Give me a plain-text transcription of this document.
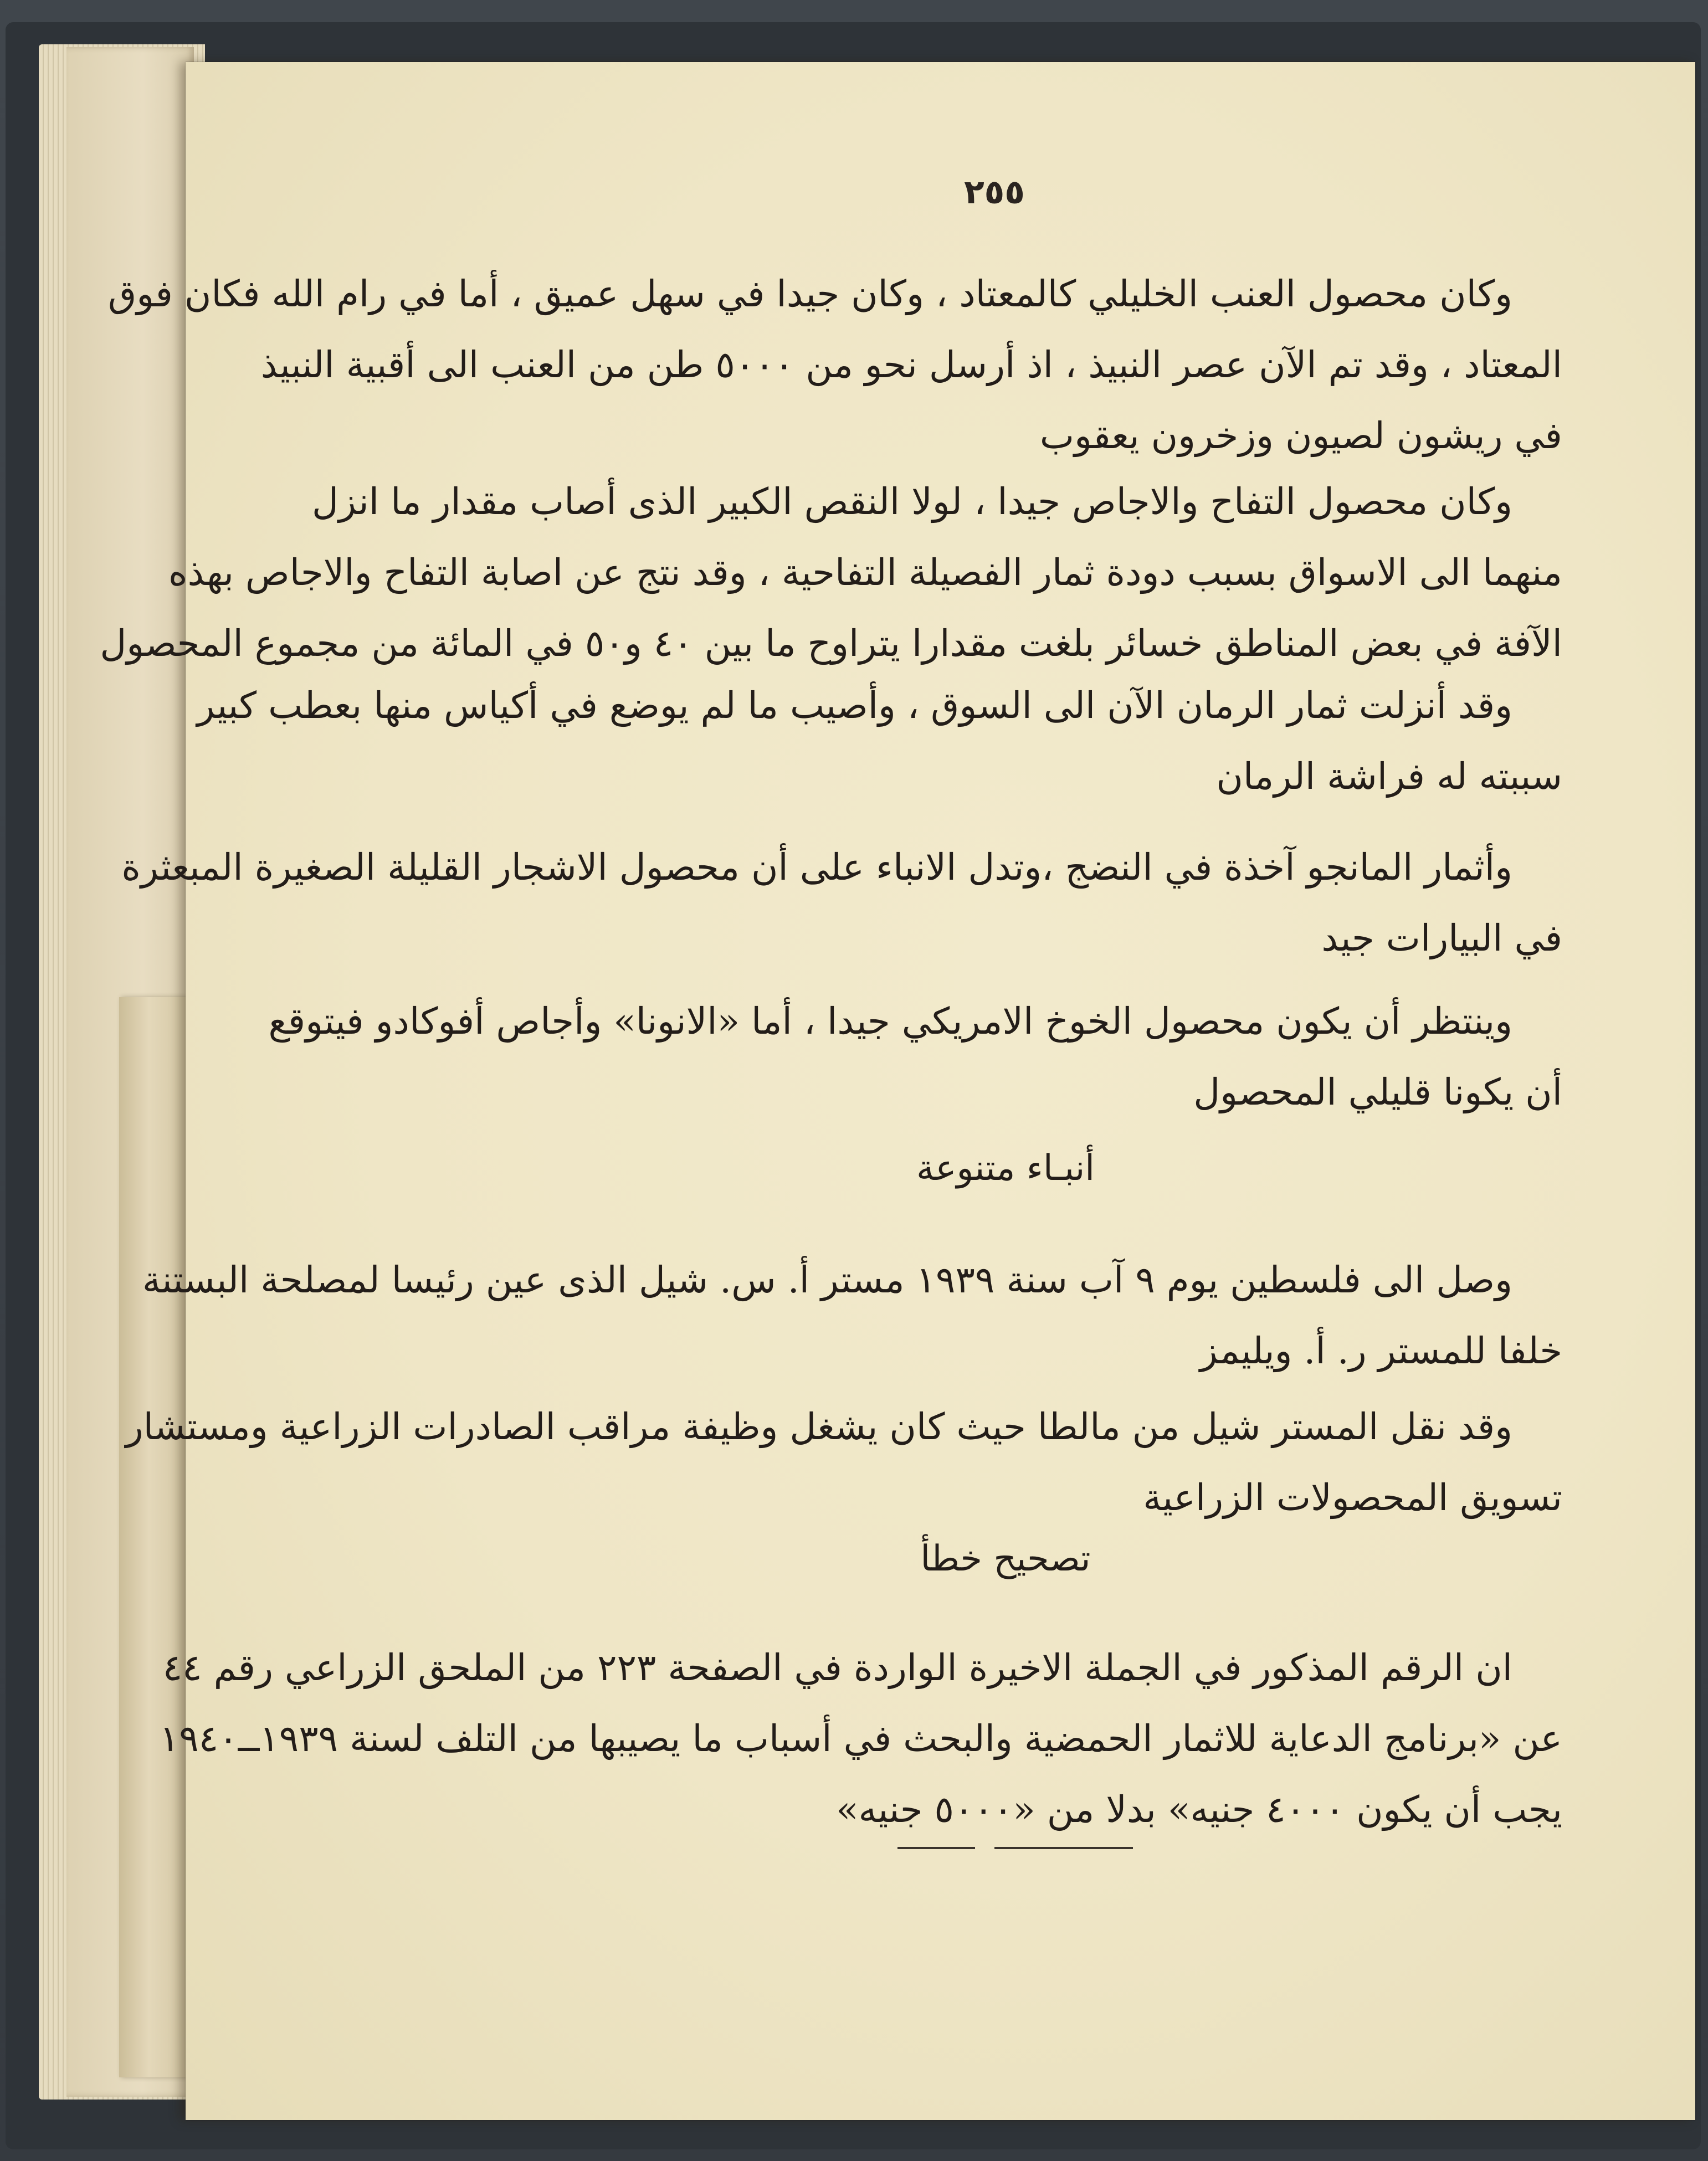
٢٥٥
وكان محصول العنب الخليلي كالمعتاد ، وكان جيدا في سهل عميق ، أما في رام الله فكان فوق
المعتاد ، وقد تم الآن عصر النبيذ ، اذ أرسل نحو من ٥٠٠٠ طن من العنب الى أقبية النبيذ
في ريشون لصيون وزخرون يعقوب
وكان محصول التفاح والاجاص جيدا ، لولا النقص الكبير الذى أصاب مقدار ما انزل
منهما الى الاسواق بسبب دودة ثمار الفصيلة التفاحية ، وقد نتج عن اصابة التفاح والاجاص بهذه
الآفة في بعض المناطق خسائر بلغت مقدارا يتراوح ما بين ٤٠ و٥٠ في المائة من مجموع المحصول
وقد أنزلت ثمار الرمان الآن الى السوق ، وأصيب ما لم يوضع في أكياس منها بعطب كبير
سببته له فراشة الرمان
وأثمار المانجو آخذة في النضج ،وتدل الانباء على أن محصول الاشجار القليلة الصغيرة المبعثرة
في البيارات جيد
وينتظر أن يكون محصول الخوخ الامريكي جيدا ، أما «الانونا» وأجاص أفوكادو فيتوقع
أن يكونا قليلي المحصول
أنبـاء متنوعة
وصل الى فلسطين يوم ٩ آب سنة ١٩٣٩ مستر أ. س. شيل الذى عين رئيسا لمصلحة البستنة
خلفا للمستر ر. أ. ويليمز
وقد نقل المستر شيل من مالطا حيث كان يشغل وظيفة مراقب الصادرات الزراعية ومستشار
تسويق المحصولات الزراعية
تصحيح خطأ
ان الرقم المذكور في الجملة الاخيرة الواردة في الصفحة ٢٢٣ من الملحق الزراعي رقم ٤٤
عن «برنامج الدعاية للاثمار الحمضية والبحث في أسباب ما يصيبها من التلف لسنة ١٩٣٩ــ١٩٤٠
يجب أن يكون ٤٠٠٠ جنيه» بدلا من «٥٠٠٠ جنيه»
